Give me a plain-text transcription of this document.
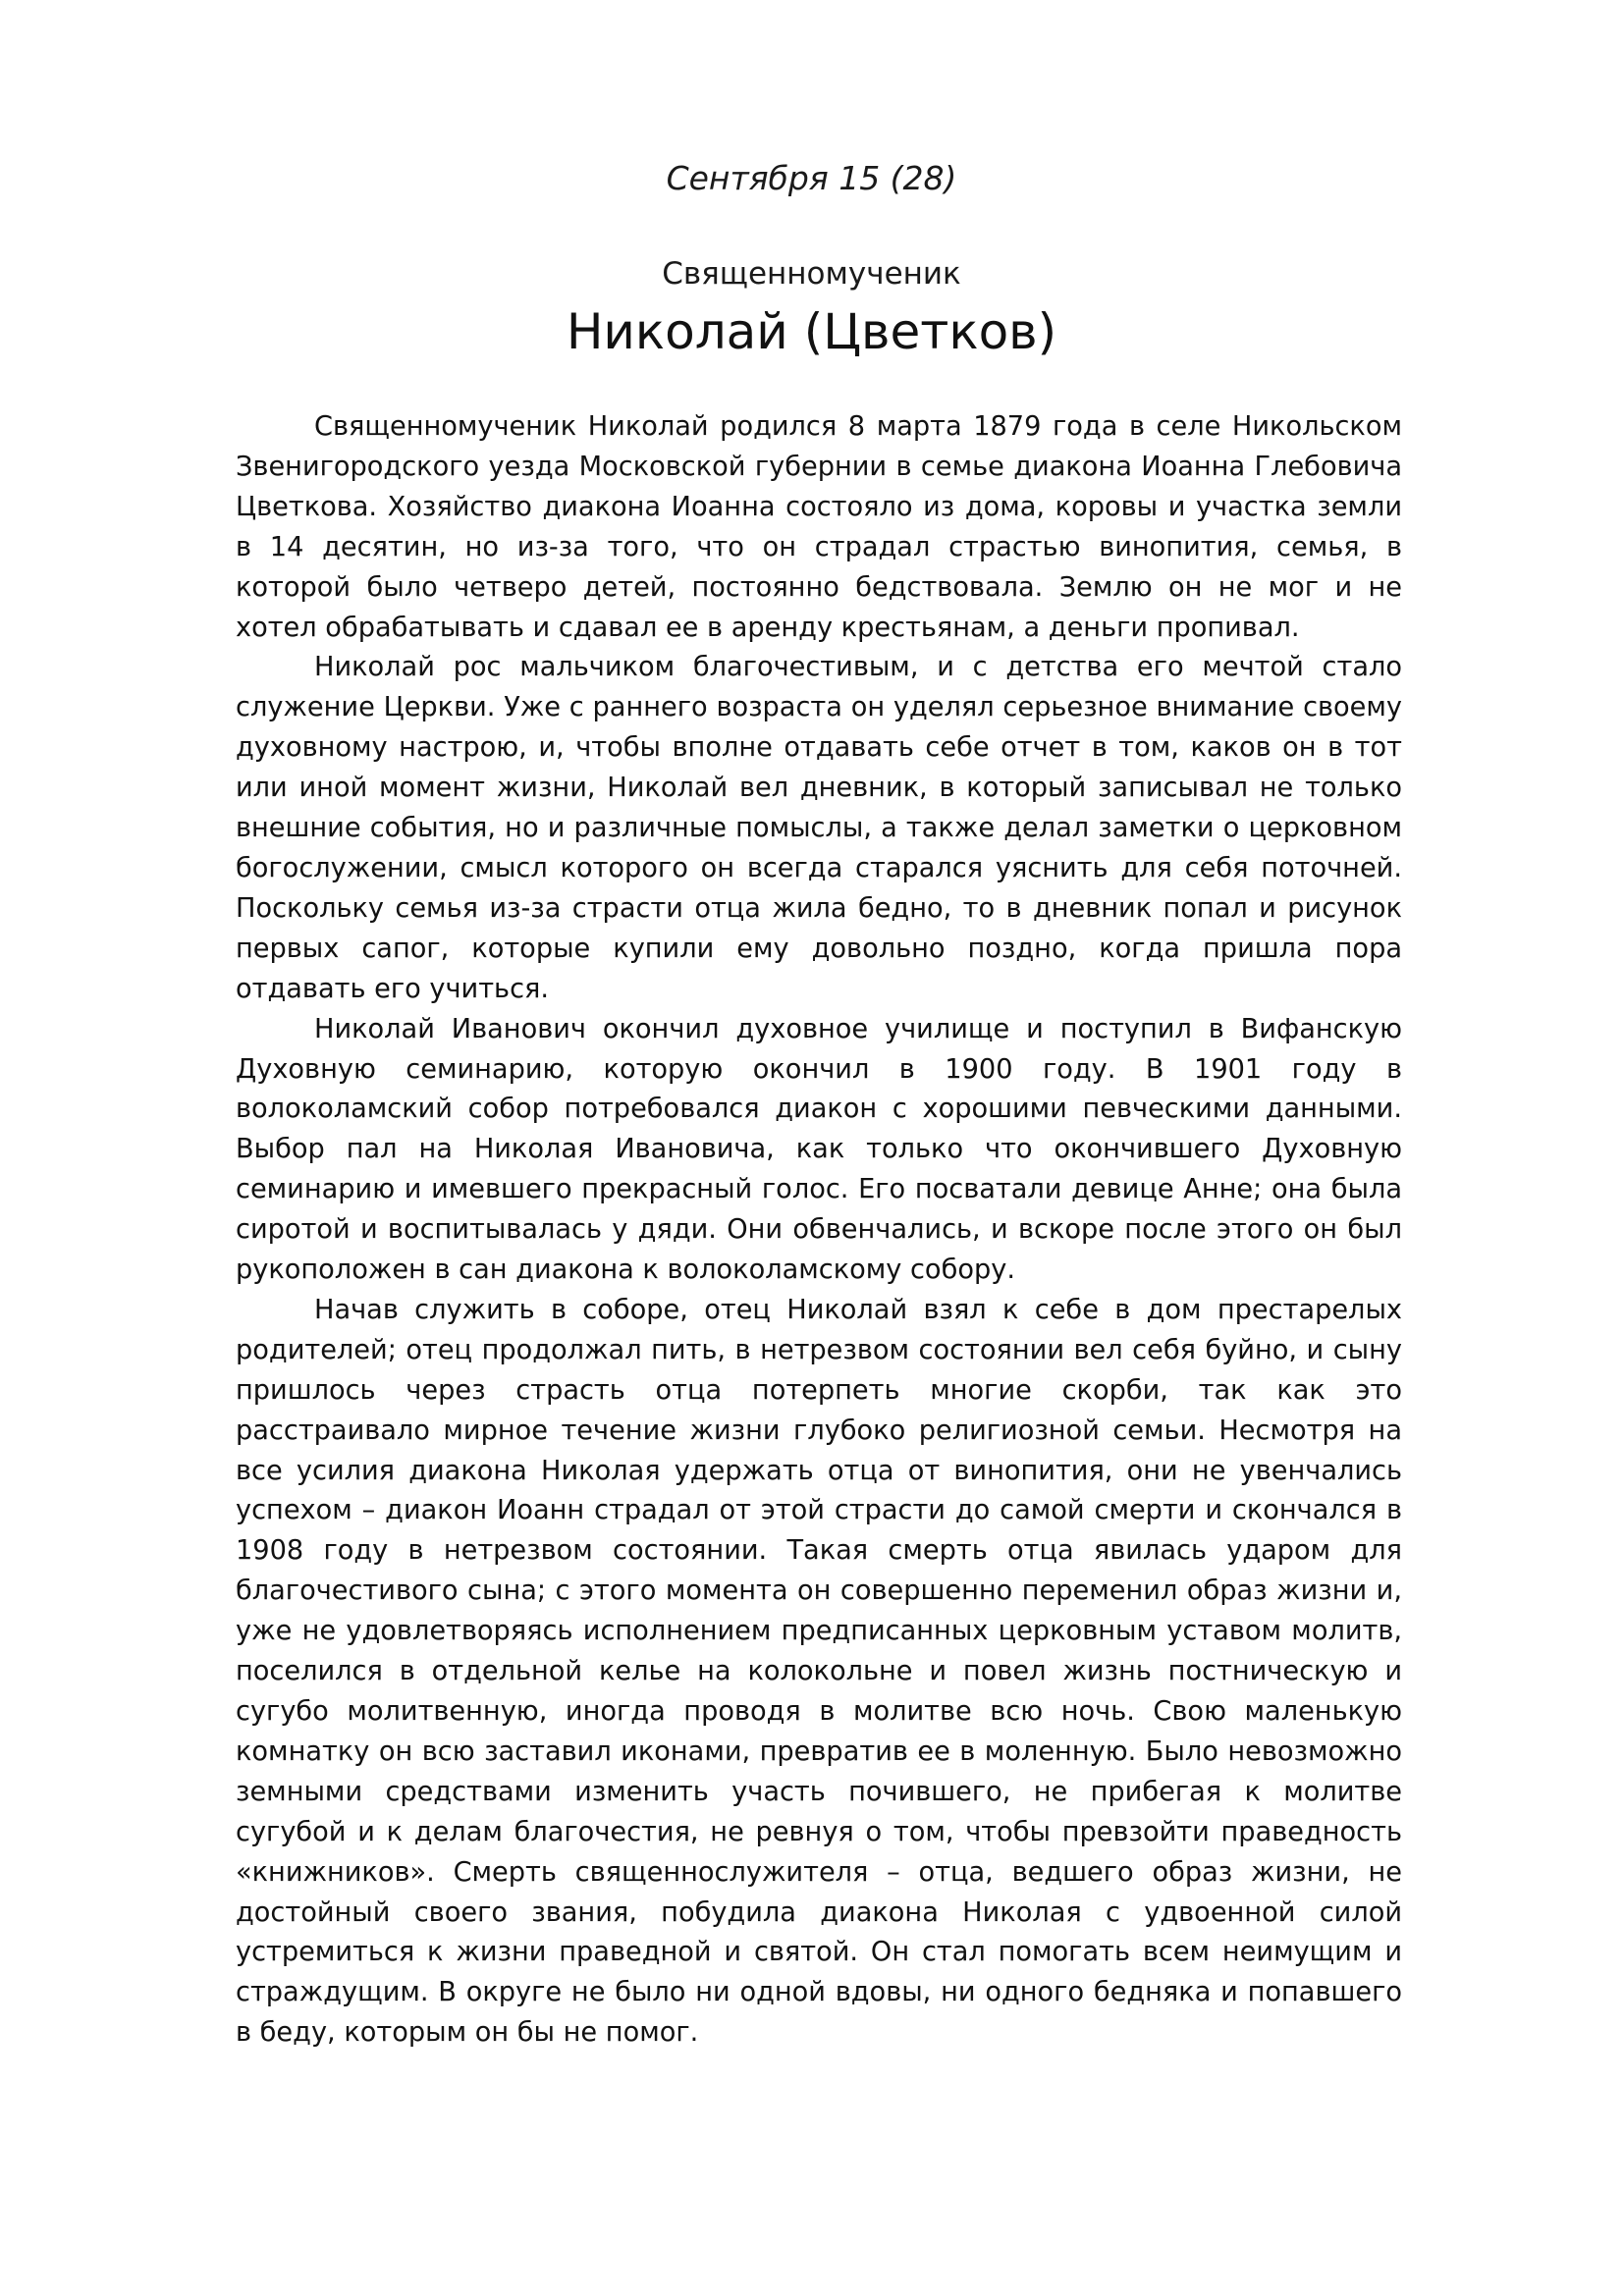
Сентября 15 (28)
Священномученик
Николай (Цветков)

Священномученик Николай родился 8 марта 1879 года в селе Никольском Звенигородского уезда Московской губернии в семье диакона Иоанна Глебовича Цветкова. Хозяйство диакона Иоанна состояло из дома, коровы и участка земли в 14 десятин, но из-за того, что он страдал страстью винопития, семья, в которой было четверо детей, постоянно бедствовала. Землю он не мог и не хотел обрабатывать и сдавал ее в аренду крестьянам, а деньги пропивал.

Николай рос мальчиком благочестивым, и с детства его мечтой стало служение Церкви. Уже с раннего возраста он уделял серьезное внимание своему духовному настрою, и, чтобы вполне отдавать себе отчет в том, каков он в тот или иной момент жизни, Николай вел дневник, в который записывал не только внешние события, но и различные помыслы, а также делал заметки о церковном богослужении, смысл которого он всегда старался уяснить для себя поточней. Поскольку семья из-за страсти отца жила бедно, то в дневник попал и рисунок первых сапог, которые купили ему довольно поздно, когда пришла пора отдавать его учиться.

Николай Иванович окончил духовное училище и поступил в Вифанскую Духовную семинарию, которую окончил в 1900 году. В 1901 году в волоколамский собор потребовался диакон с хорошими певческими данными. Выбор пал на Николая Ивановича, как только что окончившего Духовную семинарию и имевшего прекрасный голос. Его посватали девице Анне; она была сиротой и воспитывалась у дяди. Они обвенчались, и вскоре после этого он был рукоположен в сан диакона к волоколамскому собору.

Начав служить в соборе, отец Николай взял к себе в дом престарелых родителей; отец продолжал пить, в нетрезвом состоянии вел себя буйно, и сыну пришлось через страсть отца потерпеть многие скорби, так как это расстраивало мирное течение жизни глубоко религиозной семьи. Несмотря на все усилия диакона Николая удержать отца от винопития, они не увенчались успехом – диакон Иоанн страдал от этой страсти до самой смерти и скончался в 1908 году в нетрезвом состоянии. Такая смерть отца явилась ударом для благочестивого сына; с этого момента он совершенно переменил образ жизни и, уже не удовлетворяясь исполнением предписанных церковным уставом молитв, поселился в отдельной келье на колокольне и повел жизнь постническую и сугубо молитвенную, иногда проводя в молитве всю ночь. Свою маленькую комнатку он всю заставил иконами, превратив ее в моленную. Было невозможно земными средствами изменить участь почившего, не прибегая к молитве сугубой и к делам благочестия, не ревнуя о том, чтобы превзойти праведность «книжников». Смерть священнослужителя – отца, ведшего образ жизни, не достойный своего звания, побудила диакона Николая с удвоенной силой устремиться к жизни праведной и святой. Он стал помогать всем неимущим и страждущим. В округе не было ни одной вдовы, ни одного бедняка и попавшего в беду, которым он бы не помог.
